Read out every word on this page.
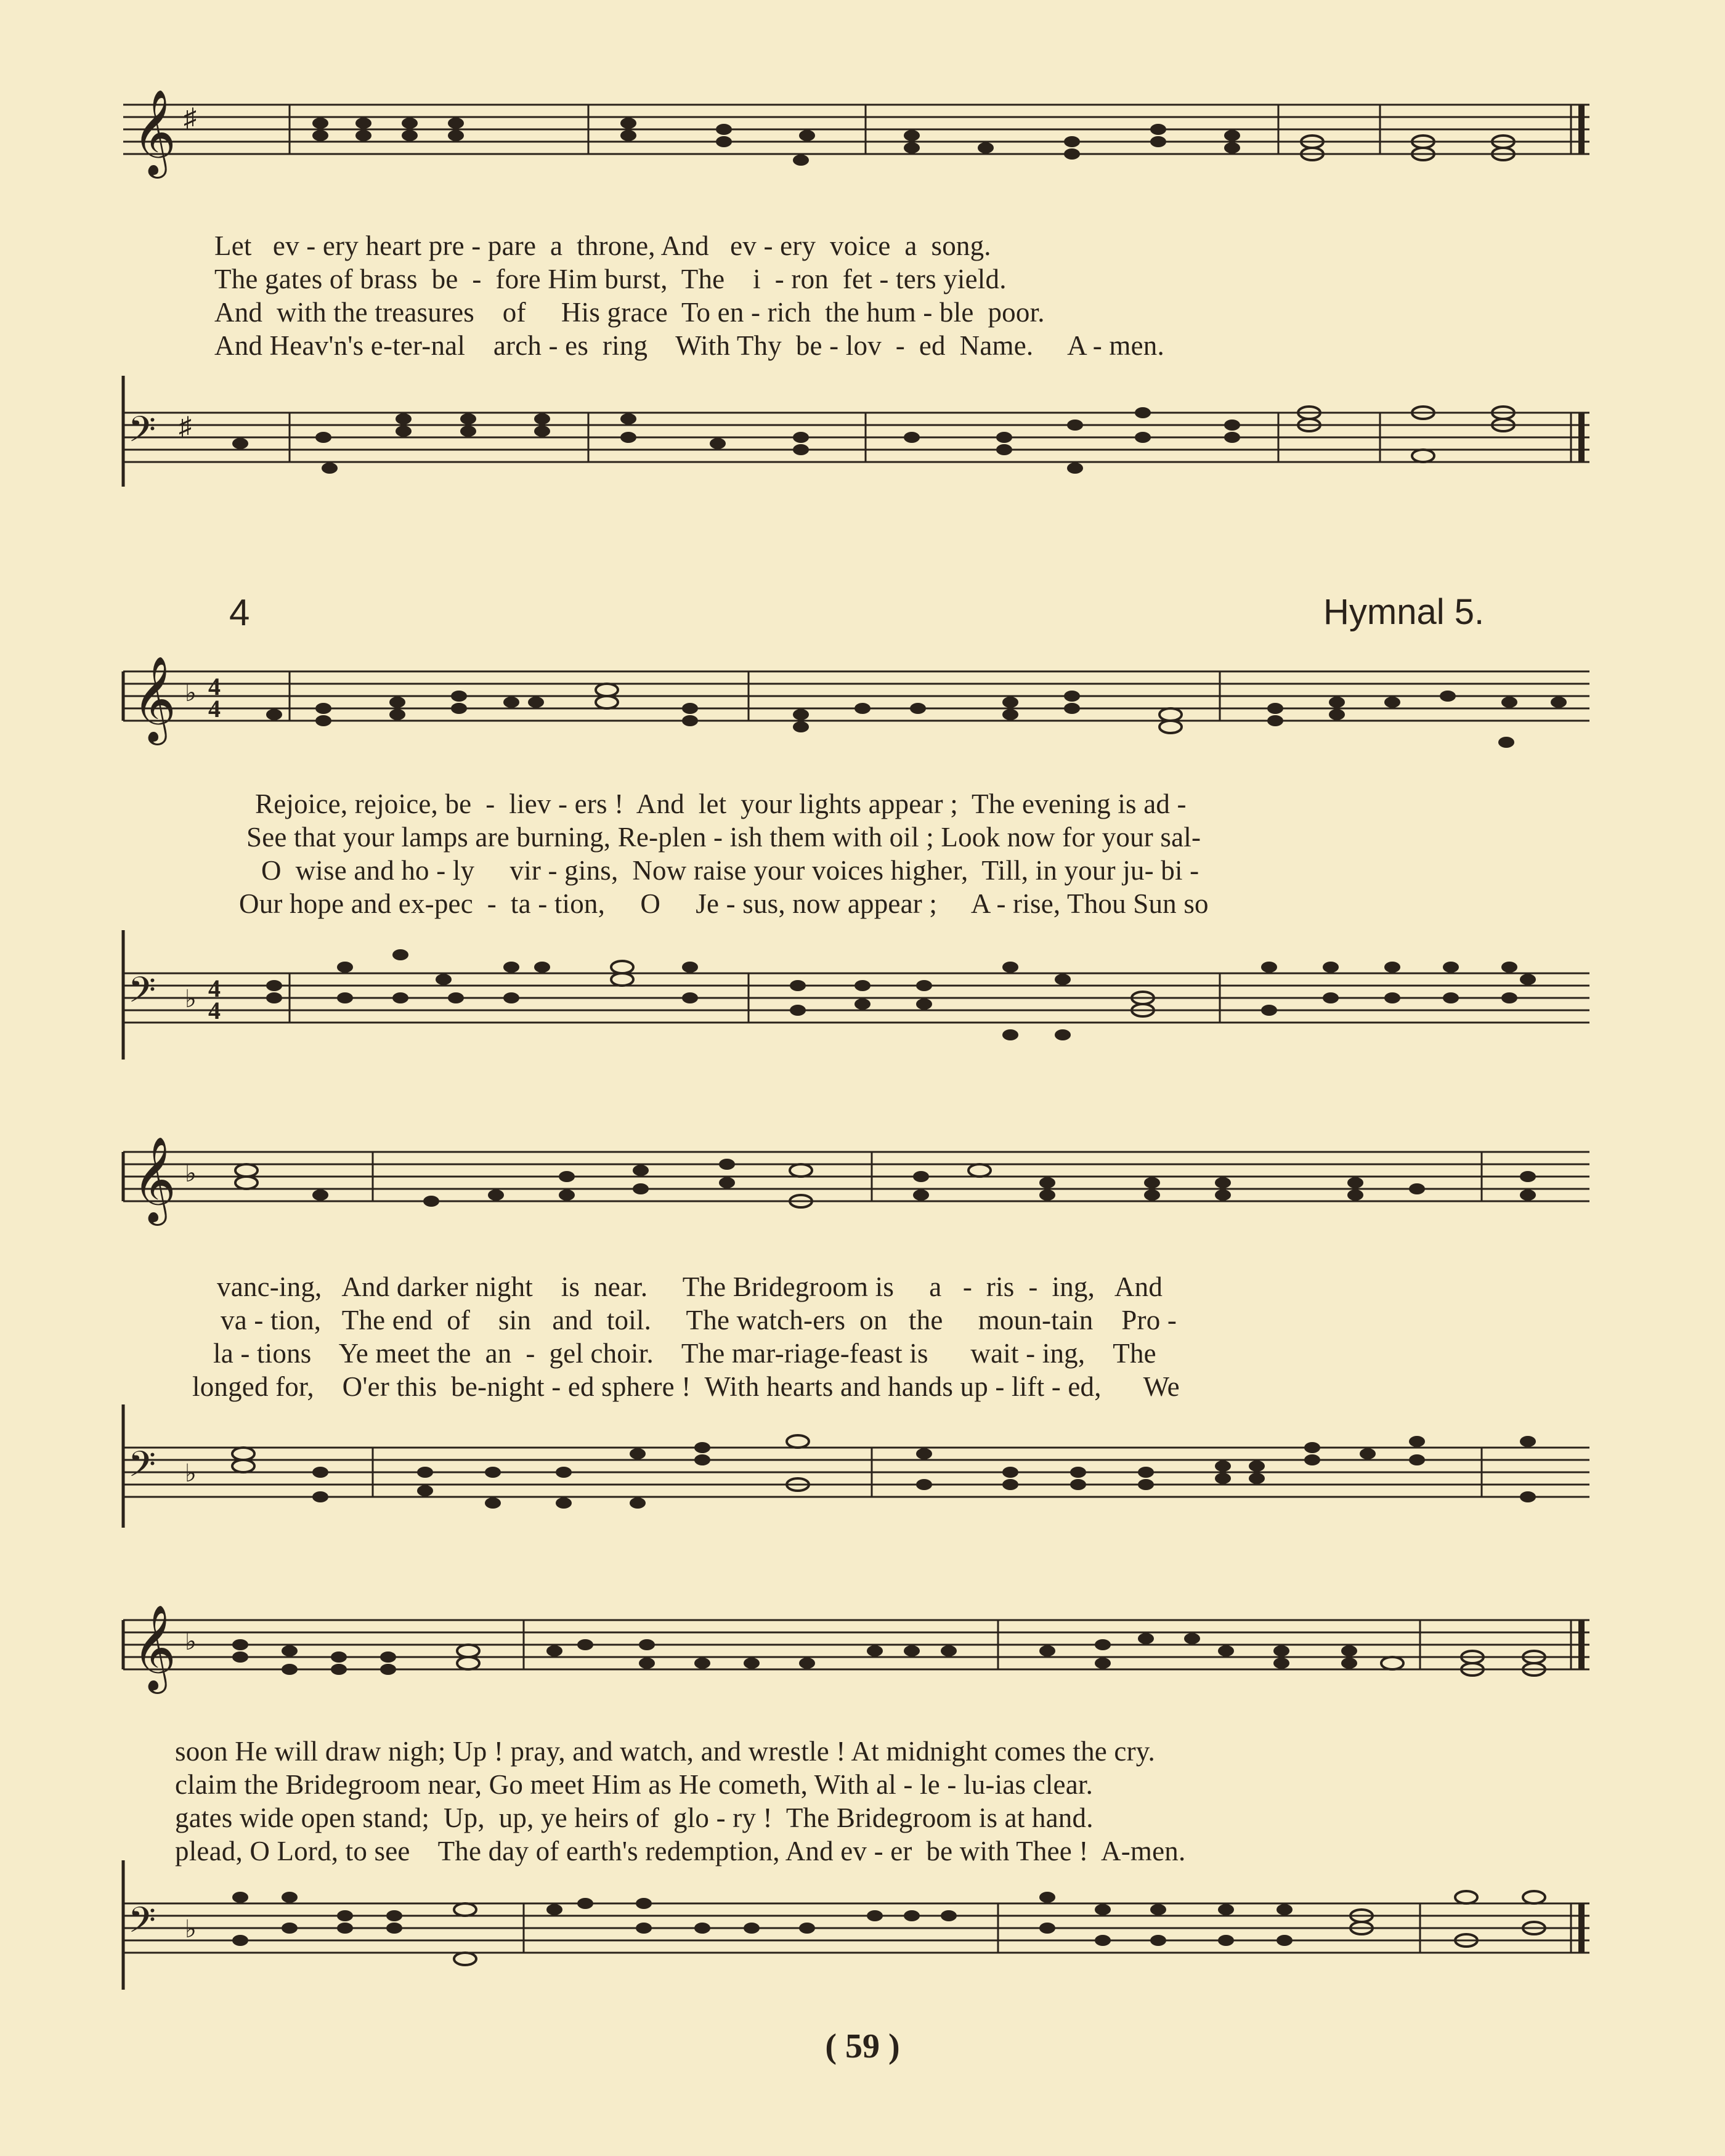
𝄞 ♯
Let   ev - ery heart pre - pare  a  throne, And   ev - ery  voice  a  song.
The gates of brass  be  -  fore Him burst,  The    i  - ron  fet - ters yield.
And  with the treasures    of     His grace  To en - rich  the hum - ble  poor.
And Heav'n's e-ter-nal    arch - es  ring    With Thy  be - lov  -  ed  Name.     A - men.
𝄢 ♯
4	Hymnal 5.
𝄞 ♭ 4
4
Rejoice, rejoice, be  -  liev - ers !  And  let  your lights appear ;  The evening is ad -
See that your lamps are burning, Re-plen - ish them with oil ; Look now for your sal-
O  wise and ho - ly     vir - gins,  Now raise your voices higher,  Till, in your ju- bi -
Our hope and ex-pec  -  ta - tion,     O     Je - sus, now appear ;     A - rise, Thou Sun so
𝄢 ♭ 4
4
𝄞 ♭
vanc-ing,   And darker night    is  near.     The Bridegroom is     a   -  ris  -  ing,   And
va - tion,   The end  of    sin   and  toil.     The watch-ers  on   the     moun-tain    Pro -
la - tions    Ye meet the  an  -  gel choir.    The mar-riage-feast is      wait - ing,    The
longed for,    O'er this  be-night - ed sphere !  With hearts and hands up - lift - ed,      We
𝄢 ♭
𝄞 ♭
soon He will draw nigh; Up ! pray, and watch, and wrestle ! At midnight comes the cry.
claim the Bridegroom near, Go meet Him as He cometh, With al - le - lu-ias clear.
gates wide open stand;  Up,  up, ye heirs of  glo - ry !  The Bridegroom is at hand.
plead, O Lord, to see    The day of earth's redemption, And ev - er  be with Thee !  A-men.
𝄢 ♭
( 59 )
